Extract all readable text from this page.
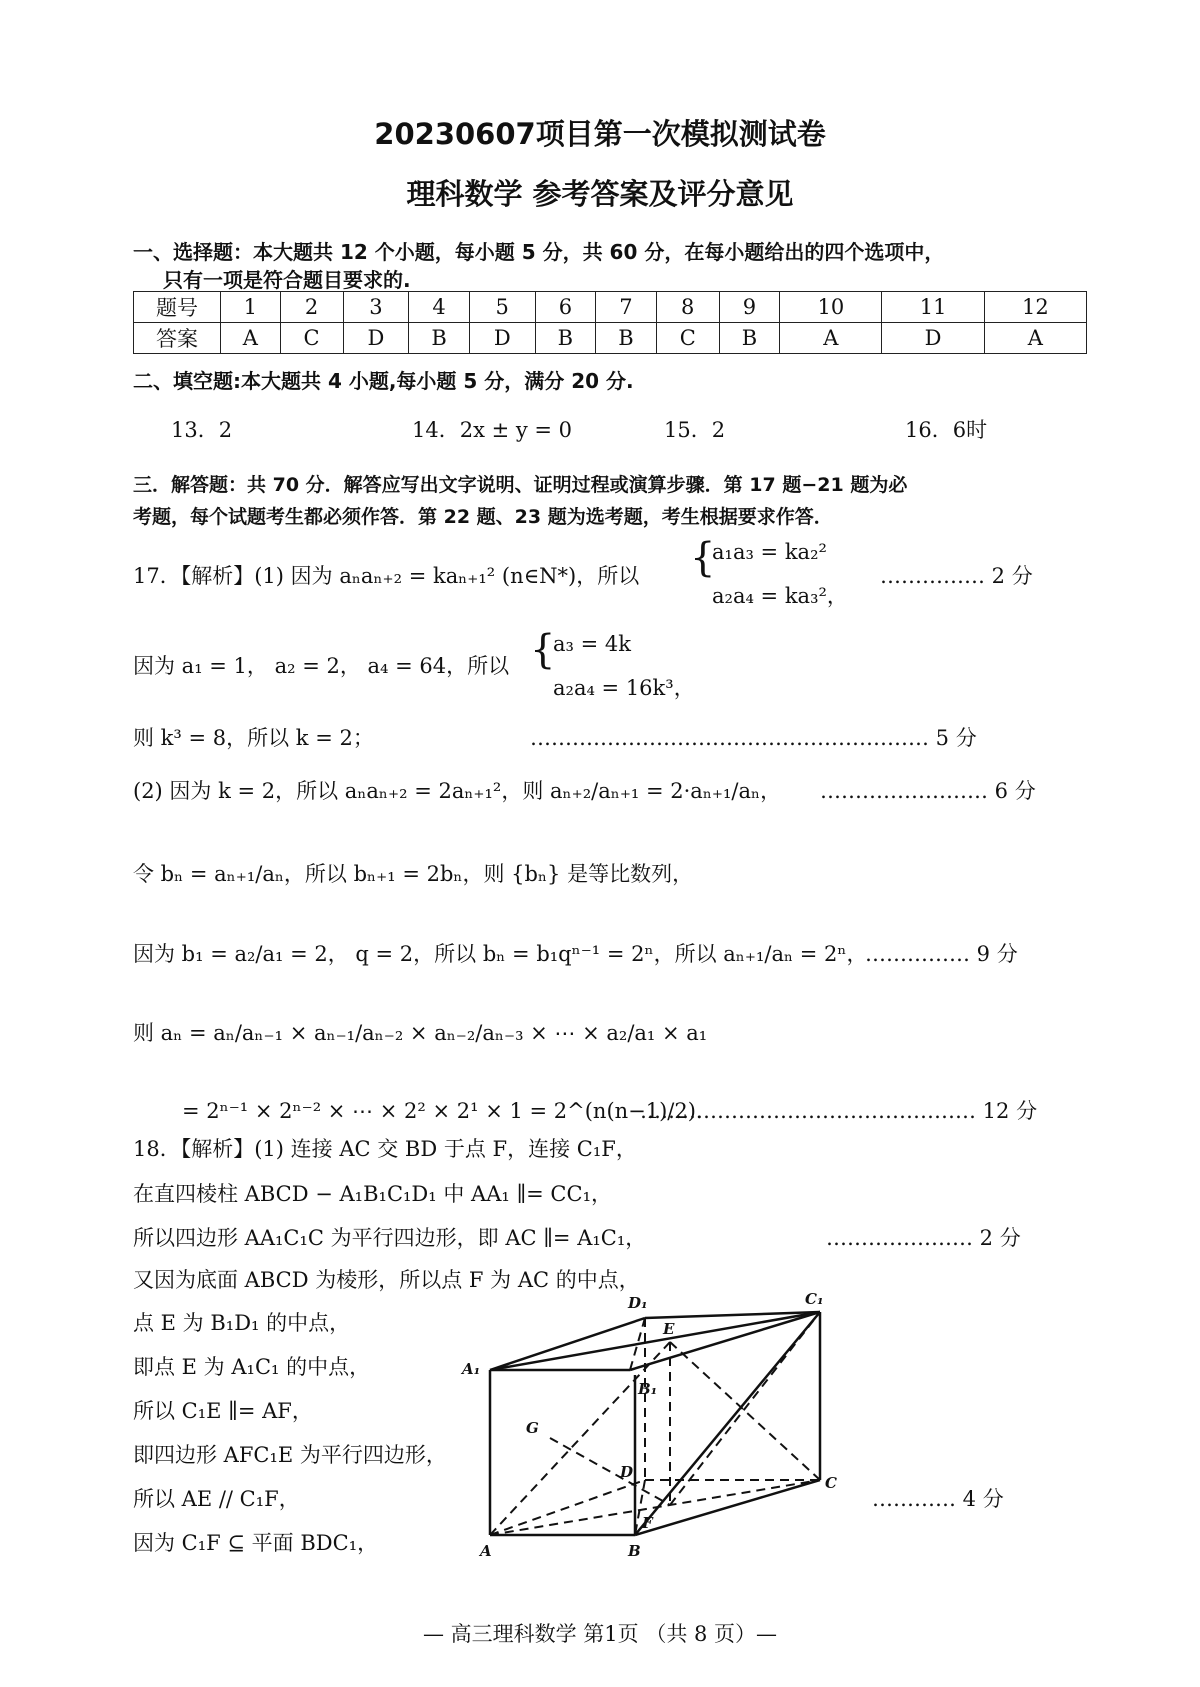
20230607项目第一次模拟测试卷
理科数学 参考答案及评分意见
一、选择题：本大题共 12 个小题，每小题 5 分，共 60 分，在每小题给出的四个选项中，
只有一项是符合题目要求的.
题号	1	2	3	4	5	6	7	8	9	10	11	12
答案	A	C	D	B	D	B	B	C	B	A	D	A
二、填空题:本大题共 4 小题,每小题 5 分，满分 20 分.
13．2	14．2x ± y = 0	15．2	16．6时
三．解答题：共 70 分．解答应写出文字说明、证明过程或演算步骤．第 17 题−21 题为必
考题，每个试题考生都必须作答．第 22 题、23 题为选考题，考生根据要求作答．
17．【解析】(1) 因为 aₙaₙ₊₂ = kaₙ₊₁² (n∈N*)，所以 {
a₁a₃ = ka₂²
a₂a₄ = ka₃²，
…………… 2 分
因为 a₁ = 1， a₂ = 2， a₄ = 64，所以 {
a₃ = 4k
a₂a₄ = 16k³，
则 k³ = 8，所以 k = 2；	………………………………………………… 5 分
(2) 因为 k = 2，所以 aₙaₙ₊₂ = 2aₙ₊₁²，则 aₙ₊₂/aₙ₊₁ = 2·aₙ₊₁/aₙ， …………………… 6 分
令 bₙ = aₙ₊₁/aₙ，所以 bₙ₊₁ = 2bₙ，则 {bₙ} 是等比数列，
因为 b₁ = a₂/a₁ = 2， q = 2，所以 bₙ = b₁qⁿ⁻¹ = 2ⁿ，所以 aₙ₊₁/aₙ = 2ⁿ，
…………… 9 分
则 aₙ = aₙ/aₙ₋₁ × aₙ₋₁/aₙ₋₂ × aₙ₋₂/aₙ₋₃ × ⋯ × a₂/a₁ × a₁
= 2ⁿ⁻¹ × 2ⁿ⁻² × ⋯ × 2² × 2¹ × 1 = 2^(n(n−1)/2)．
………………………………………… 12 分
18．【解析】(1) 连接 AC 交 BD 于点 F，连接 C₁F，
在直四棱柱 ABCD − A₁B₁C₁D₁ 中 AA₁ ∥= CC₁，
所以四边形 AA₁C₁C 为平行四边形，即 AC ∥= A₁C₁，	………………… 2 分
又因为底面 ABCD 为棱形，所以点 F 为 AC 的中点，
点 E 为 B₁D₁ 的中点，
即点 E 为 A₁C₁ 的中点，
所以 C₁E ∥= AF，
即四边形 AFC₁E 为平行四边形，
所以 AE // C₁F，	………… 4 分
因为 C₁F ⊆ 平面 BDC₁，
D₁	C₁
E
A₁
B₁
G
D
C
F
A	B
— 高三理科数学 第1页 （共 8 页）—
